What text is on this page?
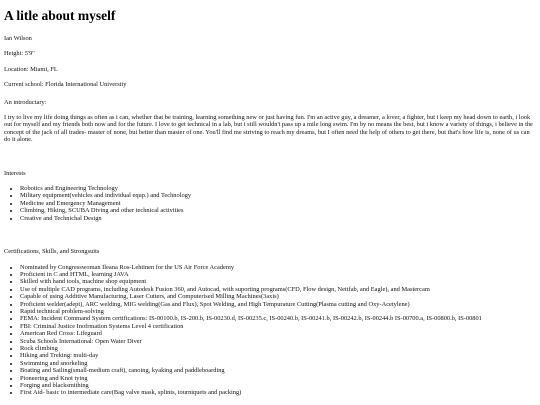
A litle about myself

Ian Wilson

Height: 5'9''

Location: Miami, FL

Current school: Florida International University

An introductary:

I try to live my life doing things as often as i can, whether that be training, learning something new or just having fun. I'm an active guy, a dreamer, a lover, a fighter, but i keep my head down to earth, i look out for myself and my friends both now and for the future. I love to get technical in a lab, but i still wouldn't pass up a mile long swim. I'm by no means the best, but i know a variety of things, i believe in the concept of the jack of all trades- master of none, but better than master of one. You'll find me striving to reach my dreams, but I often need the help of others to get there, but that's how life is, none of us can do it alone.

Interests

• Robotics and Engineering Technology
• Military equipment(vehicles and individual equp.) and Technology
• Medicine and Emergency Management
• Climbing, Hiking, SCUBA Diving and other technical activities
• Creative and Technichal Design

Certifications, Skills, and Strongsuits

• Nominated by Congresswoman Ileana Ros-Lehtinen for the US Air Force Academy
• Proficient in C and HTML, learning JAVA
• Skilled with hand tools, machine shop equipment
• Use of multiple CAD programs, including Autodesk Fusion 360, and Autocad, with suporting programs(CFD, Flow design, Nettfab, and Eagle), and Mastercam
• Capable of using Additive Manufacturing, Laser Cutters, and Computerised Milling Machines(3axis)
• Proficient welder(adept), ARC welding, MIG welding(Gas and Flux), Spot Welding, and High Tempurature Cutting(Plasma cutting and Oxy-Acetylene)
• Rapid technical problem-solving
• FEMA: Incident Command System certifications: IS-00100.b, IS-200.b, IS-00230.d, IS-00235.c, IS-00240.b, IS-00241.b, IS-00242.b, IS-00244.b IS-00700.a, IS-00800.b, IS-00801
• FBI: Criminal Justice Inofrmation Systems Level 4 certification
• American Red Cross: Lifeguard
• Scuba Schools International: Open Water Diver
• Rock climbing
• Hiking and Treking: multi-day
• Swimming and snorkeling
• Boating and Sailing(small-medium craft), canoing, kyaking and paddleboarding
• Pioneering and Knot tying
• Forging and blacksmithing
• First Aid- basic to intermediate care(Bag valve mask, splints, tourniquets and packing)
